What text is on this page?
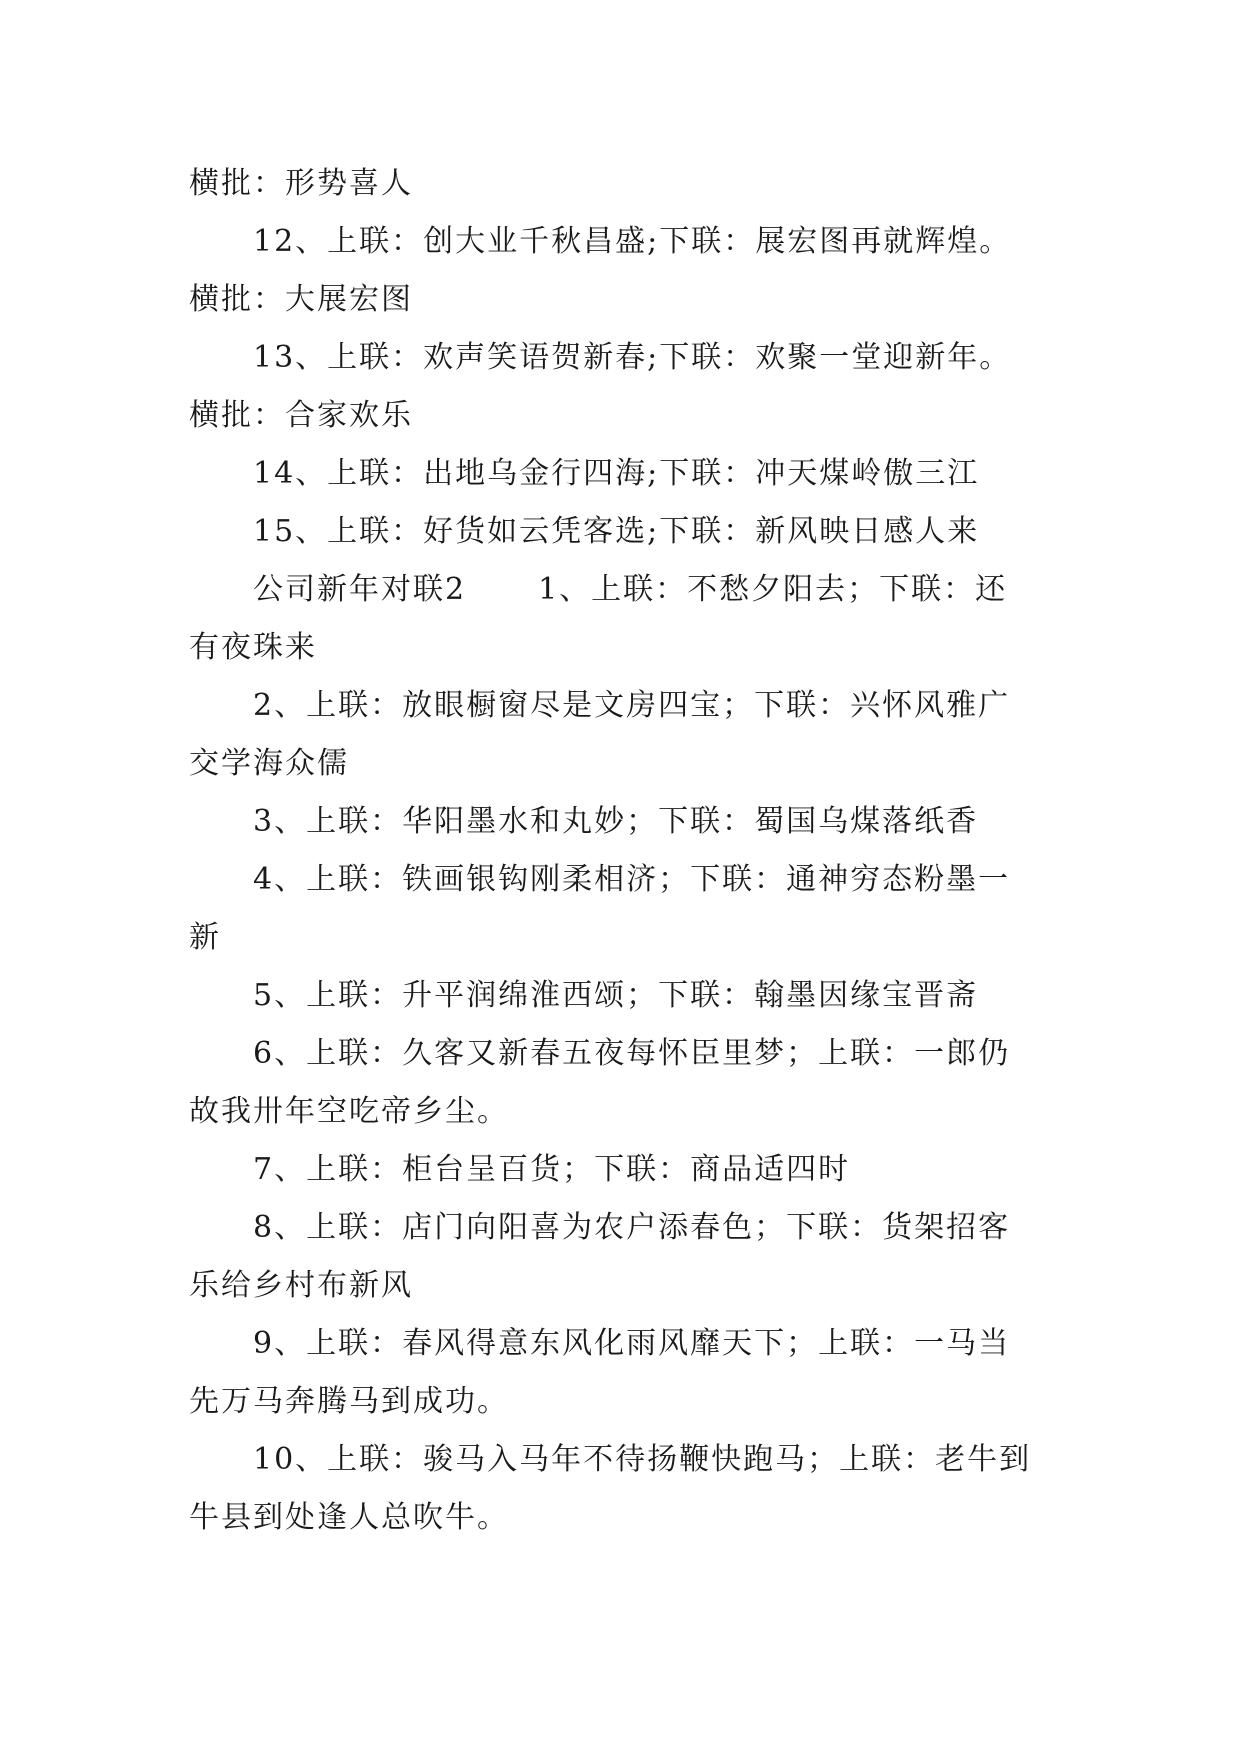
横批：形势喜人
12、上联：创大业千秋昌盛;下联：展宏图再就辉煌。
横批：大展宏图
13、上联：欢声笑语贺新春;下联：欢聚一堂迎新年。
横批：合家欢乐
14、上联：出地乌金行四海;下联：冲天煤岭傲三江
15、上联：好货如云凭客选;下联：新风映日感人来
公司新年对联2 1、上联：不愁夕阳去；下联：还
有夜珠来
2、上联：放眼橱窗尽是文房四宝；下联：兴怀风雅广
交学海众儒
3、上联：华阳墨水和丸妙；下联：蜀国乌煤落纸香
4、上联：铁画银钩刚柔相济；下联：通神穷态粉墨一
新
5、上联：升平润绵淮西颂；下联：翰墨因缘宝晋斋
6、上联：久客又新春五夜每怀臣里梦；上联：一郎仍
故我卅年空吃帝乡尘。
7、上联：柜台呈百货；下联：商品适四时
8、上联：店门向阳喜为农户添春色；下联：货架招客
乐给乡村布新风
9、上联：春风得意东风化雨风靡天下；上联：一马当
先万马奔腾马到成功。
10、上联：骏马入马年不待扬鞭快跑马；上联：老牛到
牛县到处逢人总吹牛。
